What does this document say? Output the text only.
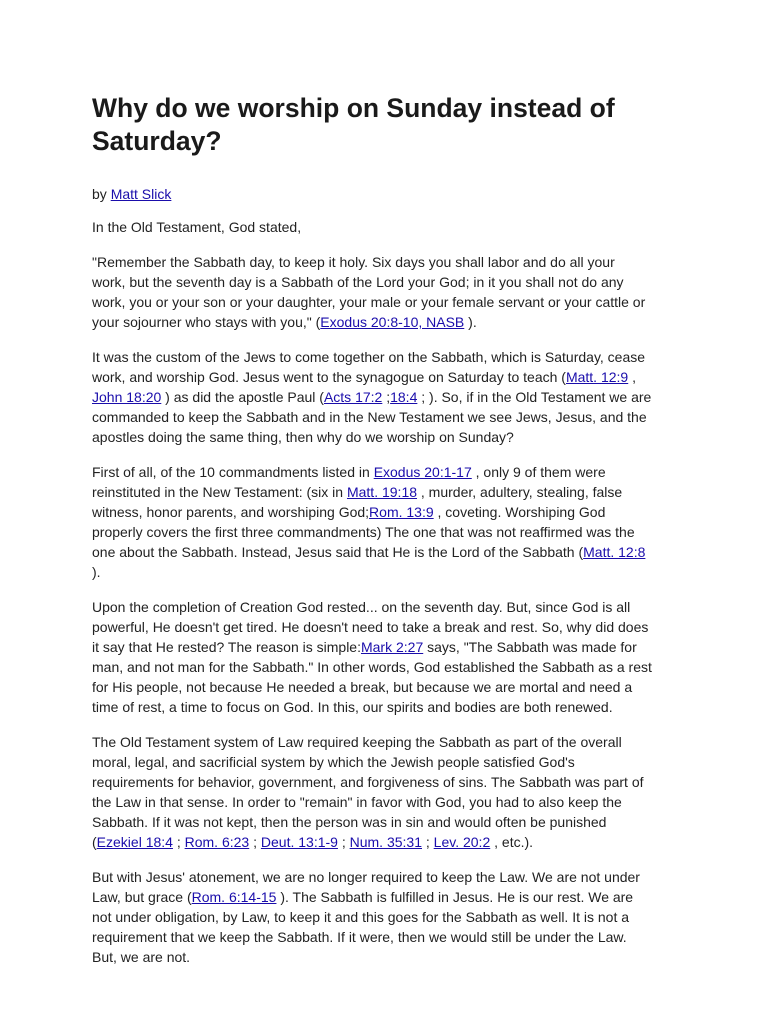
Why do we worship on Sunday instead of Saturday?

by Matt Slick

In the Old Testament, God stated,

"Remember the Sabbath day, to keep it holy. Six days you shall labor and do all your work, but the seventh day is a Sabbath of the Lord your God; in it you shall not do any work, you or your son or your daughter, your male or your female servant or your cattle or your sojourner who stays with you," (Exodus 20:8-10, NASB ).

It was the custom of the Jews to come together on the Sabbath, which is Saturday, cease work, and worship God. Jesus went to the synagogue on Saturday to teach (Matt. 12:9 , John 18:20 ) as did the apostle Paul (Acts 17:2 ;18:4 ; ). So, if in the Old Testament we are commanded to keep the Sabbath and in the New Testament we see Jews, Jesus, and the apostles doing the same thing, then why do we worship on Sunday?

First of all, of the 10 commandments listed in Exodus 20:1-17 , only 9 of them were reinstituted in the New Testament: (six in Matt. 19:18 , murder, adultery, stealing, false witness, honor parents, and worshiping God;Rom. 13:9 , coveting. Worshiping God properly covers the first three commandments) The one that was not reaffirmed was the one about the Sabbath. Instead, Jesus said that He is the Lord of the Sabbath (Matt. 12:8 ).

Upon the completion of Creation God rested... on the seventh day. But, since God is all powerful, He doesn't get tired. He doesn't need to take a break and rest. So, why did does it say that He rested? The reason is simple:Mark 2:27 says, "The Sabbath was made for man, and not man for the Sabbath." In other words, God established the Sabbath as a rest for His people, not because He needed a break, but because we are mortal and need a time of rest, a time to focus on God. In this, our spirits and bodies are both renewed.

The Old Testament system of Law required keeping the Sabbath as part of the overall moral, legal, and sacrificial system by which the Jewish people satisfied God's requirements for behavior, government, and forgiveness of sins. The Sabbath was part of the Law in that sense. In order to "remain" in favor with God, you had to also keep the Sabbath. If it was not kept, then the person was in sin and would often be punished (Ezekiel 18:4 ; Rom. 6:23 ; Deut. 13:1-9 ; Num. 35:31 ; Lev. 20:2 , etc.).

But with Jesus' atonement, we are no longer required to keep the Law. We are not under Law, but grace (Rom. 6:14-15 ). The Sabbath is fulfilled in Jesus. He is our rest. We are not under obligation, by Law, to keep it and this goes for the Sabbath as well. It is not a requirement that we keep the Sabbath. If it were, then we would still be under the Law. But, we are not.
